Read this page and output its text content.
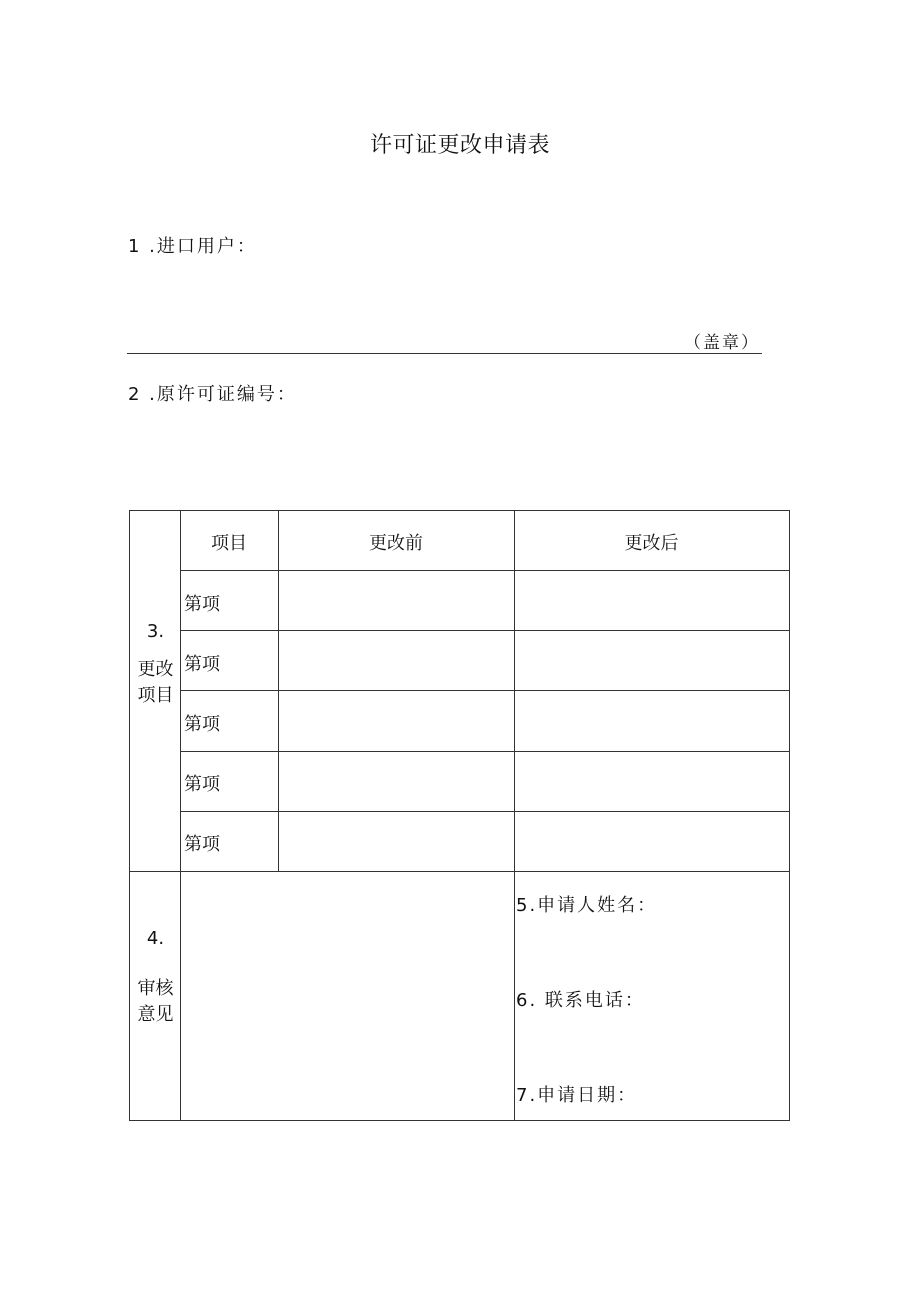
许可证更改申请表
1 .进口用户：
（盖章）
2 .原许可证编号：
项目	更改前	更改后
3.
更改
项目
第项
第项
第项
第项
第项
4.
审核
意见
5.申请人姓名：
6. 联系电话：
7.申请日期：
